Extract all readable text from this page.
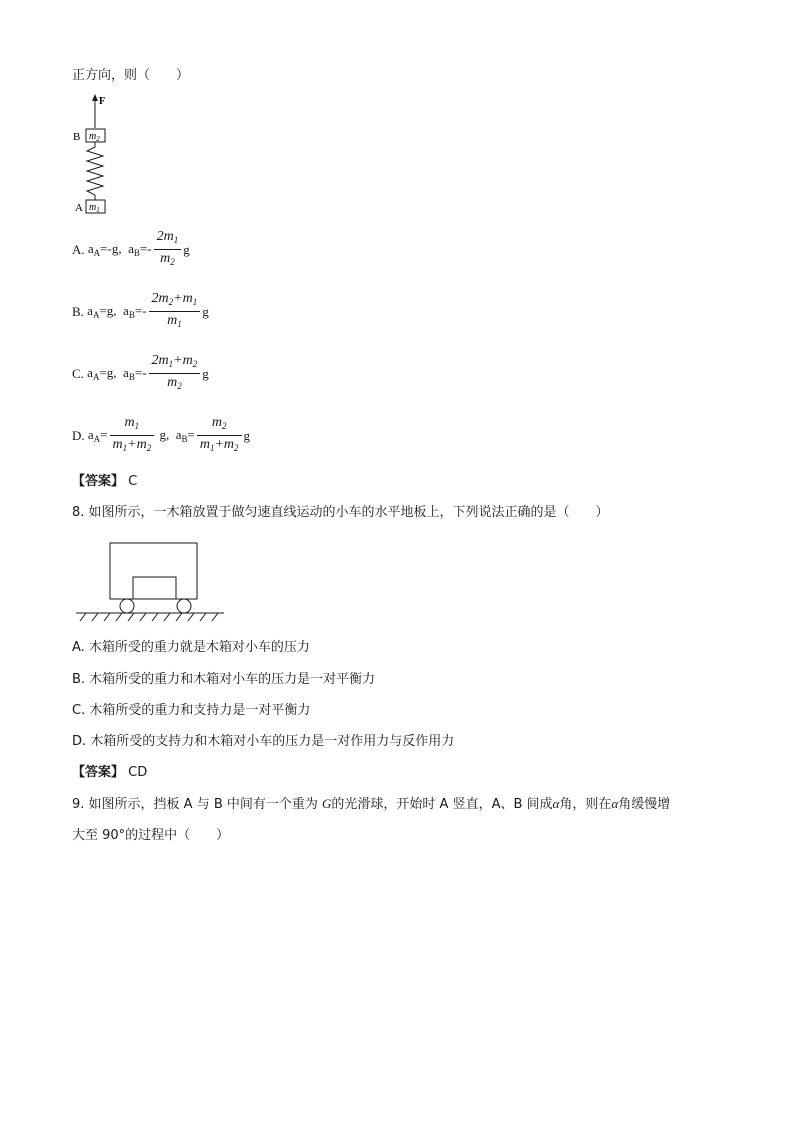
正方向，则（　　）
F
$m_2$
B
$m_1$
A
A. $a_A=-g$,  $a_B=- \frac{2m_1}{m_2}$ g
B. $a_A=g$,  $a_B=- \frac{2m_2+m_1}{m_1}$ g
C. $a_A=g$,  $a_B=- \frac{2m_1+m_2}{m_2}$ g
D. $a_A= \frac{m_1}{m_1+m_2} g$,  $a_B= \frac{m_2}{m_1+m_2}$ g
【答案】 C
8. 如图所示，一木箱放置于做匀速直线运动的小车的水平地板上，下列说法正确的是（　　）
A. 木箱所受的重力就是木箱对小车的压力
B. 木箱所受的重力和木箱对小车的压力是一对平衡力
C. 木箱所受的重力和支持力是一对平衡力
D. 木箱所受的支持力和木箱对小车的压力是一对作用力与反作用力
【答案】 CD
9. 如图所示，挡板 A 与 B 中间有一个重为 G的光滑球，开始时 A 竖直，A、B 间成α角，则在α角缓慢增
大至 90°的过程中（　　）
